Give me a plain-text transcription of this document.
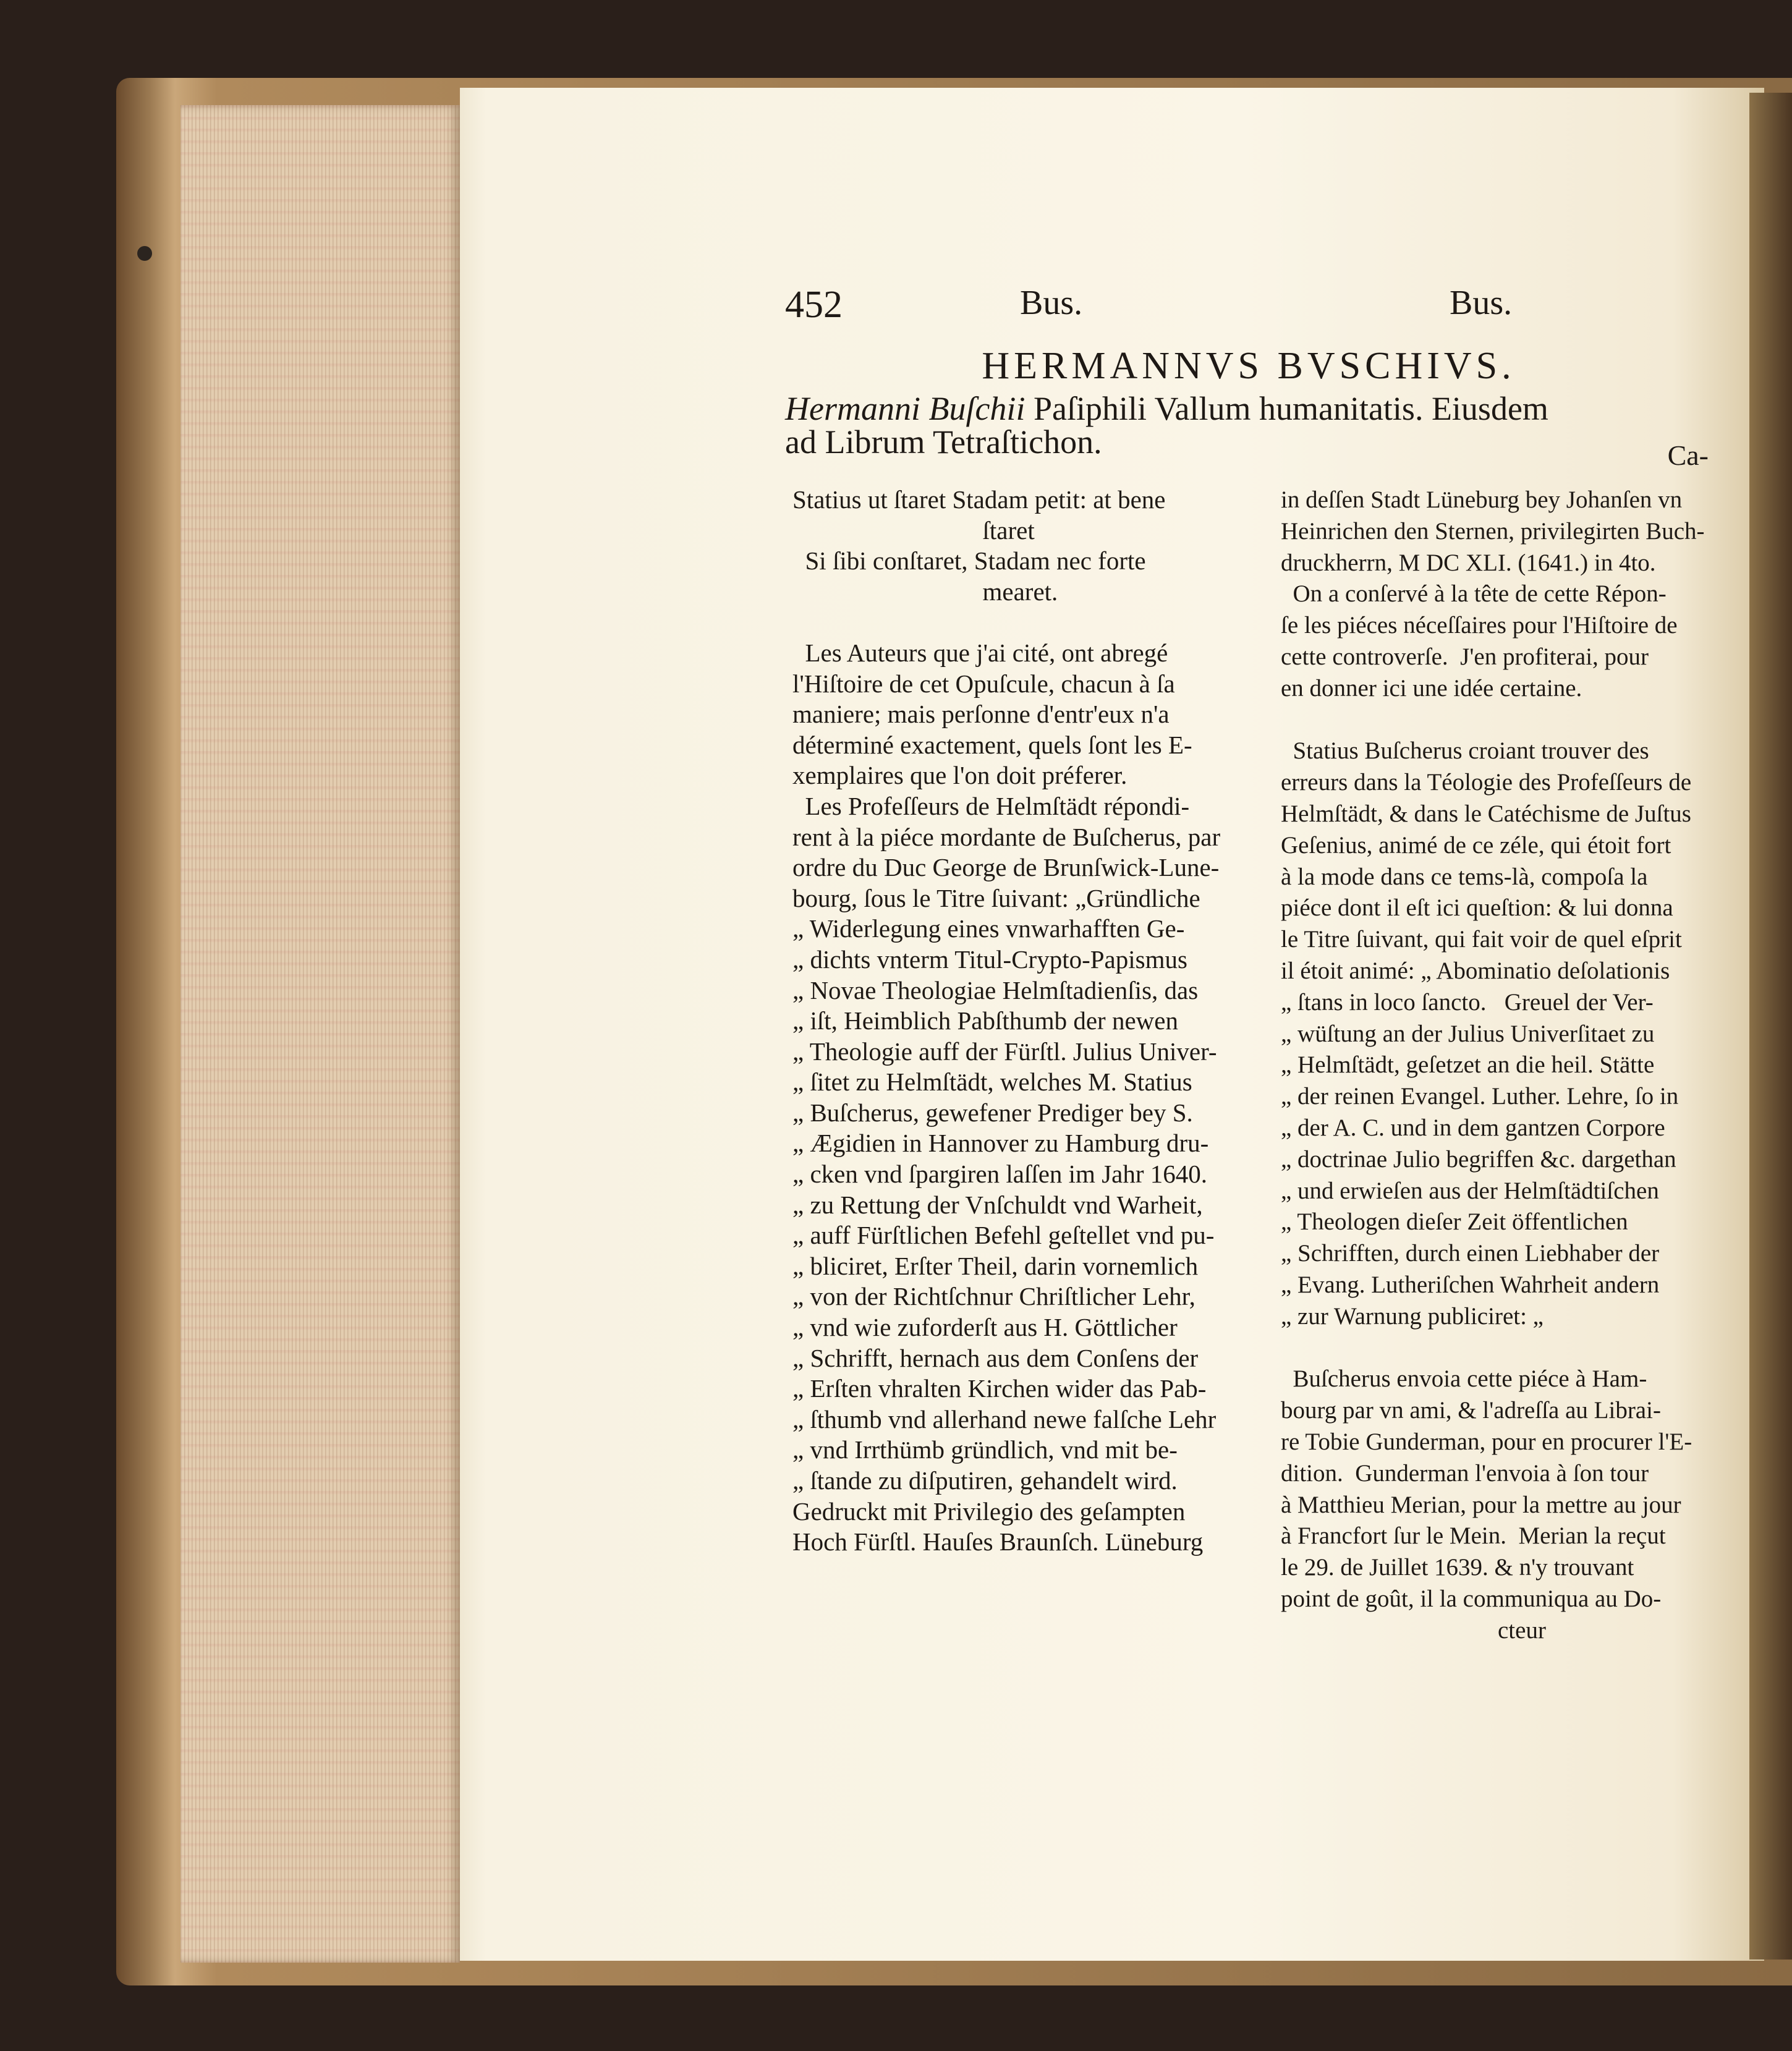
452	Bus.	Bus.
HERMANNVS BVSCHIVS.
Hermanni Buſchii Paſiphili Vallum humanitatis. Eiusdem
ad Librum Tetraſtichon.	Ca-
Statius ut ſtaret Stadam petit: at bene
ſtaret
Si ſibi conſtaret, Stadam nec forte
mearet.
Les Auteurs que j'ai cité, ont abregé
l'Hiſtoire de cet Opuſcule, chacun à ſa
maniere; mais perſonne d'entr'eux n'a
déterminé exactement, quels ſont les E-
xemplaires que l'on doit préferer.
Les Profeſſeurs de Helmſtädt répondi-
rent à la piéce mordante de Buſcherus, par
ordre du Duc George de Brunſwick-Lune-
bourg, ſous le Titre ſuivant: „Gründliche
„ Widerlegung eines vnwarhafften Ge-
„ dichts vnterm Titul-Crypto-Papismus
„ Novae Theologiae Helmſtadienſis, das
„ iſt, Heimblich Pabſthumb der newen
„ Theologie auff der Fürſtl. Julius Univer-
„ ſitet zu Helmſtädt, welches M. Statius
„ Buſcherus, gewefener Prediger bey S.
„ Ægidien in Hannover zu Hamburg dru-
„ cken vnd ſpargiren laſſen im Jahr 1640.
„ zu Rettung der Vnſchuldt vnd Warheit,
„ auff Fürſtlichen Befehl geſtellet vnd pu-
„ bliciret, Erſter Theil, darin vornemlich
„ von der Richtſchnur Chriſtlicher Lehr,
„ vnd wie zuforderſt aus H. Göttlicher
„ Schrifft, hernach aus dem Conſens der
„ Erſten vhralten Kirchen wider das Pab-
„ ſthumb vnd allerhand newe falſche Lehr
„ vnd Irrthümb gründlich, vnd mit be-
„ ſtande zu diſputiren, gehandelt wird.
Gedruckt mit Privilegio des geſampten
Hoch Fürſtl. Hauſes Braunſch. Lüneburg
in deſſen Stadt Lüneburg bey Johanſen vn
Heinrichen den Sternen, privilegirten Buch-
druckherrn, M DC XLI. (1641.) in 4to.
On a conſervé à la tête de cette Répon-
ſe les piéces néceſſaires pour l'Hiſtoire de
cette controverſe.  J'en profiterai, pour
en donner ici une idée certaine.
Statius Buſcherus croiant trouver des
erreurs dans la Téologie des Profeſſeurs de
Helmſtädt, & dans le Catéchisme de Juſtus
Geſenius, animé de ce zéle, qui étoit fort
à la mode dans ce tems-là, compoſa la
piéce dont il eſt ici queſtion: & lui donna
le Titre ſuivant, qui fait voir de quel eſprit
il étoit animé: „ Abominatio deſolationis
„ ſtans in loco ſancto.   Greuel der Ver-
„ wüſtung an der Julius Univerſitaet zu
„ Helmſtädt, geſetzet an die heil. Stätte
„ der reinen Evangel. Luther. Lehre, ſo in
„ der A. C. und in dem gantzen Corpore
„ doctrinae Julio begriffen &c. dargethan
„ und erwieſen aus der Helmſtädtiſchen
„ Theologen dieſer Zeit öffentlichen
„ Schrifften, durch einen Liebhaber der
„ Evang. Lutheriſchen Wahrheit andern
„ zur Warnung publiciret: „
Buſcherus envoia cette piéce à Ham-
bourg par vn ami, & l'adreſſa au Librai-
re Tobie Gunderman, pour en procurer l'E-
dition.  Gunderman l'envoia à ſon tour
à Matthieu Merian, pour la mettre au jour
à Francfort ſur le Mein.  Merian la reçut
le 29. de Juillet 1639. & n'y trouvant
point de goût, il la communiqua au Do-
cteur
